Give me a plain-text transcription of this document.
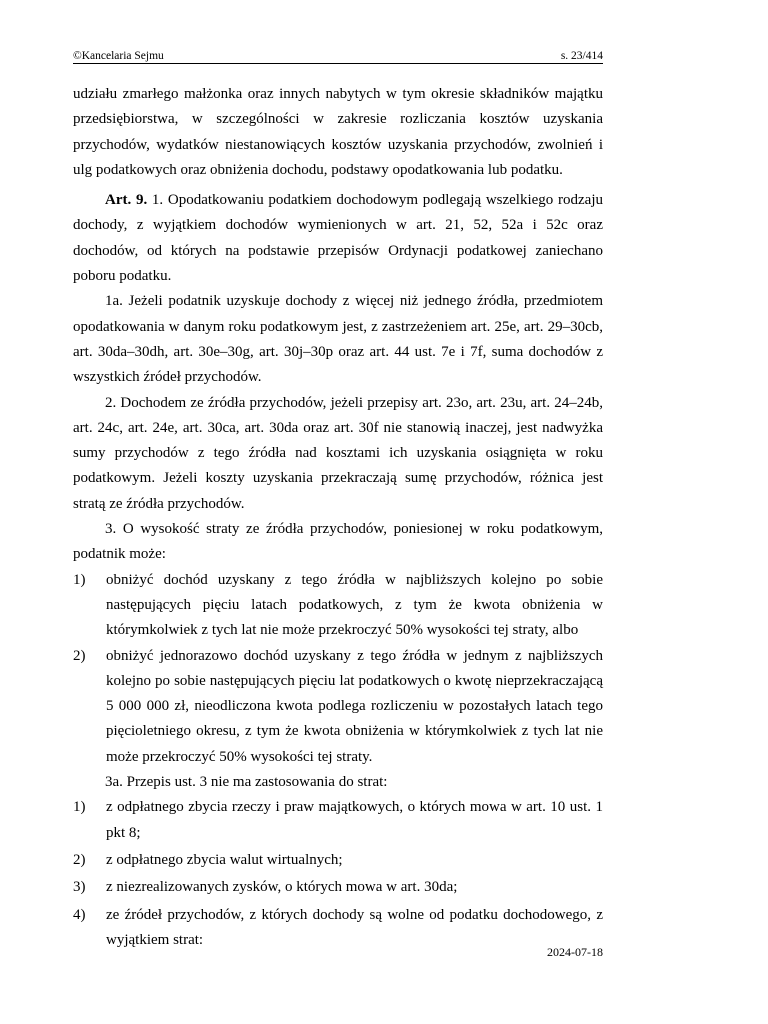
©Kancelaria Sejmu	s. 23/414

udziału zmarłego małżonka oraz innych nabytych w tym okresie składników majątku przedsiębiorstwa, w szczególności w zakresie rozliczania kosztów uzyskania przychodów, wydatków niestanowiących kosztów uzyskania przychodów, zwolnień i ulg podatkowych oraz obniżenia dochodu, podstawy opodatkowania lub podatku.

Art. 9. 1. Opodatkowaniu podatkiem dochodowym podlegają wszelkiego rodzaju dochody, z wyjątkiem dochodów wymienionych w art. 21, 52, 52a i 52c oraz dochodów, od których na podstawie przepisów Ordynacji podatkowej zaniechano poboru podatku.

1a. Jeżeli podatnik uzyskuje dochody z więcej niż jednego źródła, przedmiotem opodatkowania w danym roku podatkowym jest, z zastrzeżeniem art. 25e, art. 29–30cb, art. 30da–30dh, art. 30e–30g, art. 30j–30p oraz art. 44 ust. 7e i 7f, suma dochodów z wszystkich źródeł przychodów.

2. Dochodem ze źródła przychodów, jeżeli przepisy art. 23o, art. 23u, art. 24–24b, art. 24c, art. 24e, art. 30ca, art. 30da oraz art. 30f nie stanowią inaczej, jest nadwyżka sumy przychodów z tego źródła nad kosztami ich uzyskania osiągnięta w roku podatkowym. Jeżeli koszty uzyskania przekraczają sumę przychodów, różnica jest stratą ze źródła przychodów.

3. O wysokość straty ze źródła przychodów, poniesionej w roku podatkowym, podatnik może:

1) obniżyć dochód uzyskany z tego źródła w najbliższych kolejno po sobie następujących pięciu latach podatkowych, z tym że kwota obniżenia w którymkolwiek z tych lat nie może przekroczyć 50% wysokości tej straty, albo
2) obniżyć jednorazowo dochód uzyskany z tego źródła w jednym z najbliższych kolejno po sobie następujących pięciu lat podatkowych o kwotę nieprzekraczającą 5 000 000 zł, nieodliczona kwota podlega rozliczeniu w pozostałych latach tego pięcioletniego okresu, z tym że kwota obniżenia w którymkolwiek z tych lat nie może przekroczyć 50% wysokości tej straty.

3a. Przepis ust. 3 nie ma zastosowania do strat:

1) z odpłatnego zbycia rzeczy i praw majątkowych, o których mowa w art. 10 ust. 1 pkt 8;
2) z odpłatnego zbycia walut wirtualnych;
3) z niezrealizowanych zysków, o których mowa w art. 30da;
4) ze źródeł przychodów, z których dochody są wolne od podatku dochodowego, z wyjątkiem strat:
2024-07-18
